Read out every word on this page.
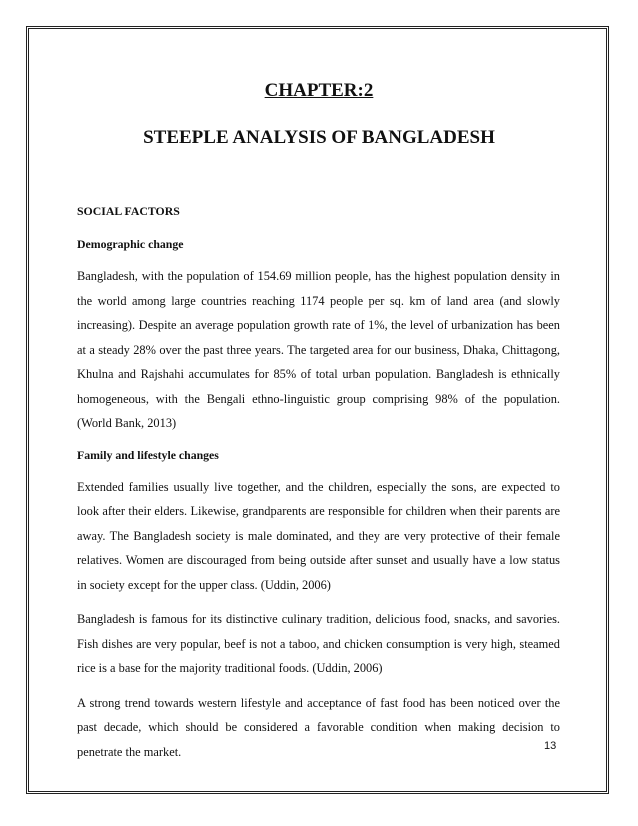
CHAPTER:2
STEEPLE ANALYSIS OF BANGLADESH

SOCIAL FACTORS

Demographic change

Bangladesh, with the population of 154.69 million people, has the highest population density in the world among large countries reaching 1174 people per sq. km of land area (and slowly increasing). Despite an average population growth rate of 1%, the level of urbanization has been at a steady 28% over the past three years. The targeted area for our business, Dhaka, Chittagong, Khulna and Rajshahi accumulates for 85% of total urban population. Bangladesh is ethnically homogeneous, with the Bengali ethno-linguistic group comprising 98% of the population. (World Bank, 2013)

Family and lifestyle changes

Extended families usually live together, and the children, especially the sons, are expected to look after their elders. Likewise, grandparents are responsible for children when their parents are away. The Bangladesh society is male dominated, and they are very protective of their female relatives. Women are discouraged from being outside after sunset and usually have a low status in society except for the upper class. (Uddin, 2006)

Bangladesh is famous for its distinctive culinary tradition, delicious food, snacks, and savories. Fish dishes are very popular, beef is not a taboo, and chicken consumption is very high, steamed rice is a base for the majority traditional foods. (Uddin, 2006)

A strong trend towards western lifestyle and acceptance of fast food has been noticed over the past decade, which should be considered a favorable condition when making decision to penetrate the market.	13
